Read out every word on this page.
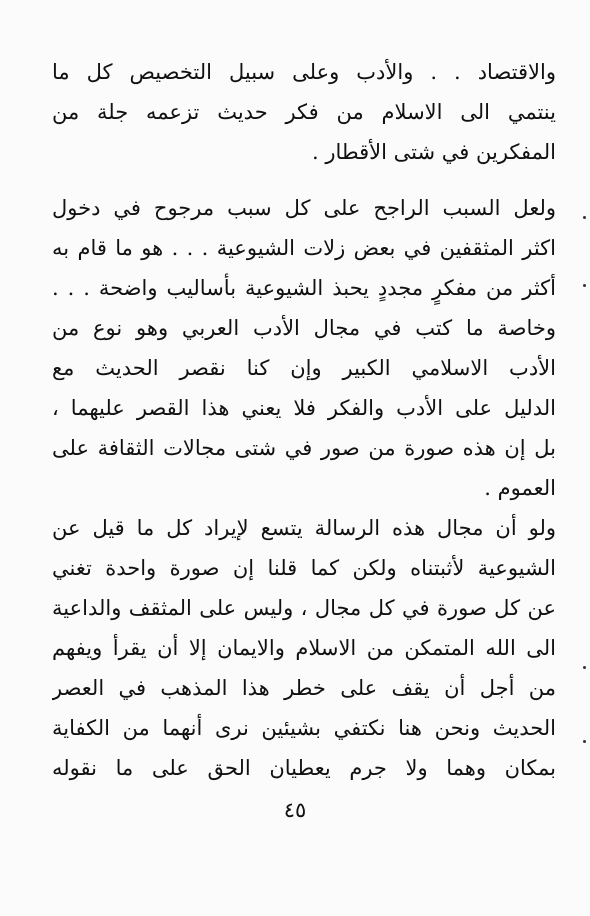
والاقتصاد . . والأدب وعلى سبيل التخصيص كل ما
ينتمي الى الاسلام من فكر حديث تزعمه جلة من
المفكرين في شتى الأقطار .
ولعل السبب الراجح على كل سبب مرجوح في دخول
اكثر المثقفين في بعض زلات الشيوعية . . . هو ما قام به
أكثر من مفكرٍ مجددٍ يحبذ الشيوعية بأساليب واضحة . . .
وخاصة ما كتب في مجال الأدب العربي وهو نوع من
الأدب الاسلامي الكبير وإن كنا نقصر الحديث مع
الدليل على الأدب والفكر فلا يعني هذا القصر عليهما ،
بل إن هذه صورة من صور في شتى مجالات الثقافة على
العموم .
ولو أن مجال هذه الرسالة يتسع لإيراد كل ما قيل عن
الشيوعية لأثبتناه ولكن كما قلنا إن صورة واحدة تغني
عن كل صورة في كل مجال ، وليس على المثقف والداعية
الى الله المتمكن من الاسلام والايمان إلا أن يقرأ ويفهم
من أجل أن يقف على خطر هذا المذهب في العصر
الحديث ونحن هنا نكتفي بشيئين نرى أنهما من الكفاية
بمكان وهما ولا جرم يعطيان الحق على ما نقوله
٤٥
